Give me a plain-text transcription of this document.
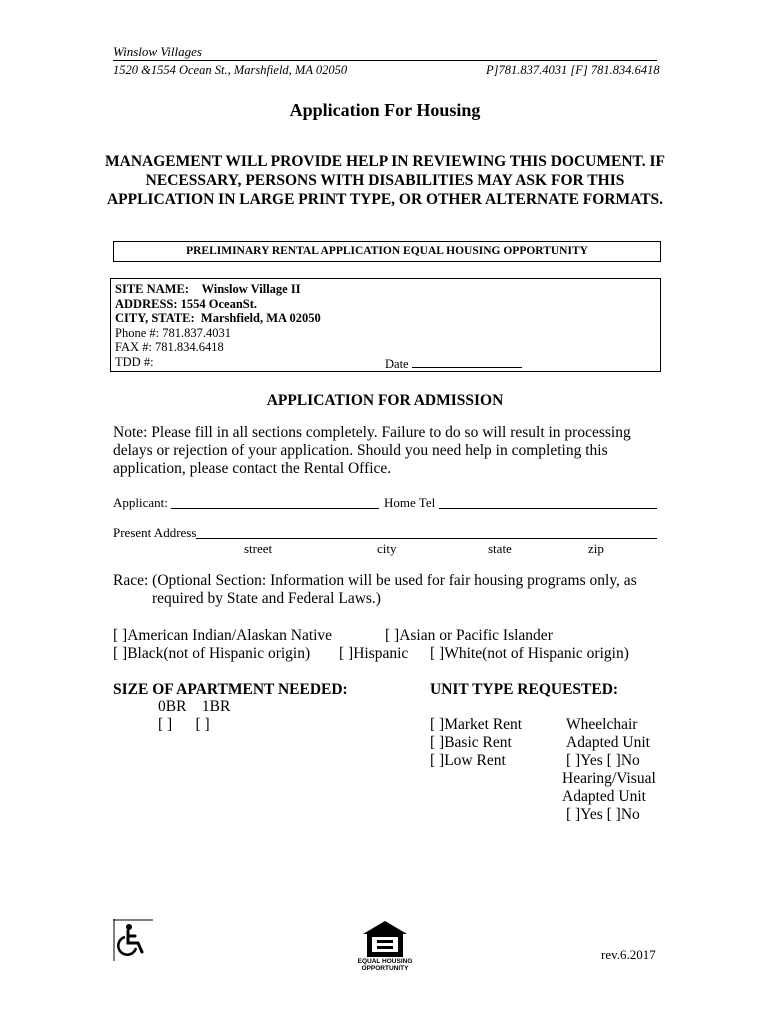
Winslow Villages
1520 &1554 Ocean St., Marshfield, MA 02050	P]781.837.4031 [F] 781.834.6418
Application For Housing
MANAGEMENT WILL PROVIDE HELP IN REVIEWING THIS DOCUMENT. IF NECESSARY, PERSONS WITH DISABILITIES MAY ASK FOR THIS APPLICATION IN LARGE PRINT TYPE, OR OTHER ALTERNATE FORMATS.
PRELIMINARY RENTAL APPLICATION EQUAL HOUSING OPPORTUNITY
SITE NAME: Winslow Village II
ADDRESS: 1554 OceanSt.
CITY, STATE: Marshfield, MA 02050
Phone #: 781.837.4031
FAX #: 781.834.6418
TDD #:	Date
APPLICATION FOR ADMISSION
Note: Please fill in all sections completely. Failure to do so will result in processing delays or rejection of your application. Should you need help in completing this application, please contact the Rental Office.
Applicant:	Home Tel
Present Address
street	city	state	zip
Race: (Optional Section: Information will be used for fair housing programs only, as
required by State and Federal Laws.)
[ ]American Indian/Alaskan Native	[ ]Asian or Pacific Islander
[ ]Black(not of Hispanic origin) [ ]Hispanic [ ]White(not of Hispanic origin)
SIZE OF APARTMENT NEEDED:
0BR    1BR
[ ]      [ ]
UNIT TYPE REQUESTED:
[ ]Market Rent
[ ]Basic Rent
[ ]Low Rent
Wheelchair
Adapted Unit
[ ]Yes [ ]No
Hearing/Visual
Adapted Unit
[ ]Yes [ ]No
EQUAL HOUSING
OPPORTUNITY
rev.6.2017
